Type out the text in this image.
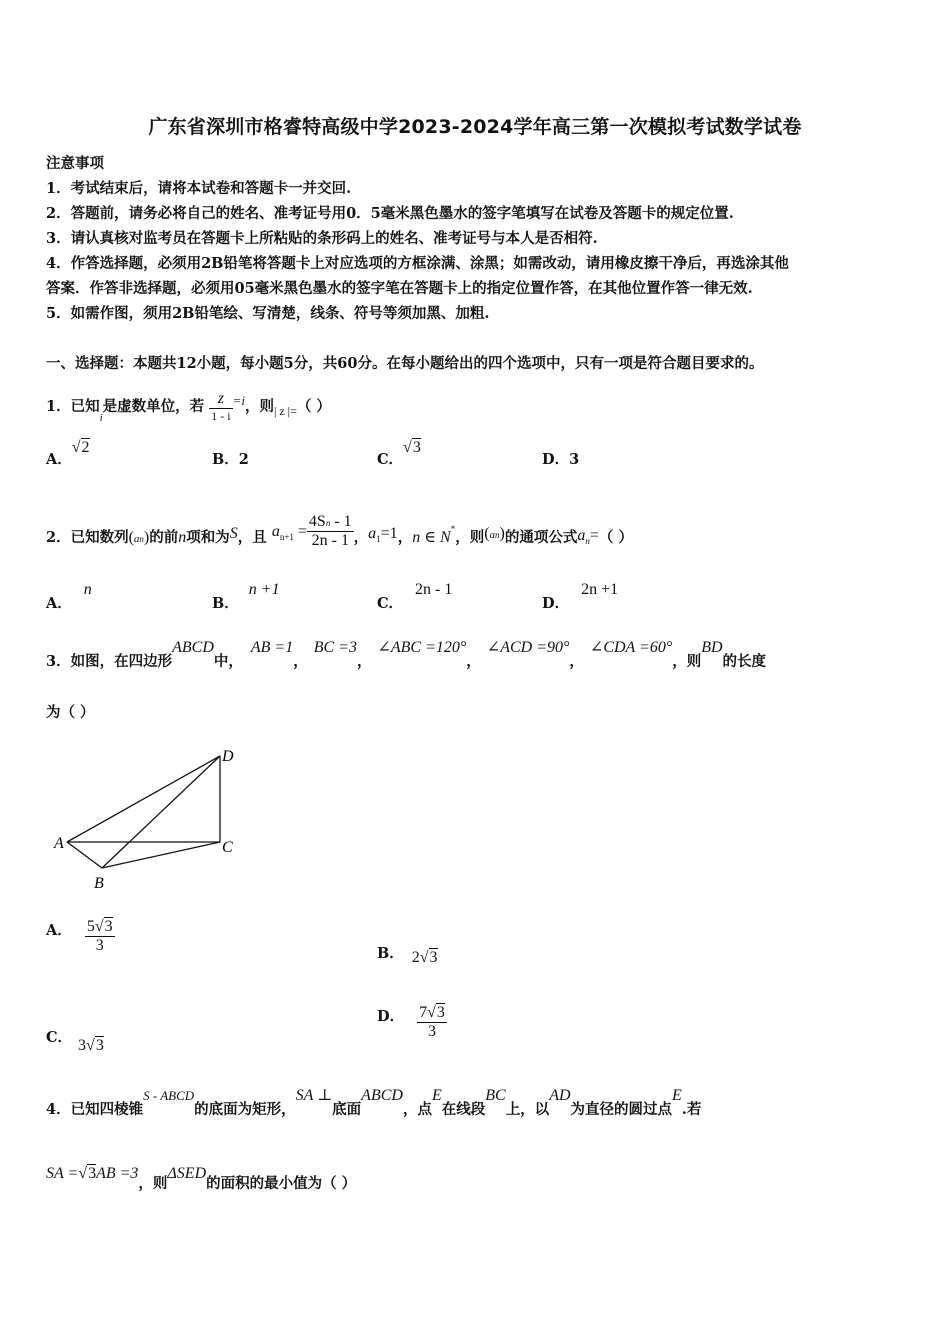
广东省深圳市格睿特高级中学2023-2024学年高三第一次模拟考试数学试卷
注意事项
1．考试结束后，请将本试卷和答题卡一并交回.
2．答题前，请务必将自己的姓名、准考证号用0．5毫米黑色墨水的签字笔填写在试卷及答题卡的规定位置.
3．请认真核对监考员在答题卡上所粘贴的条形码上的姓名、准考证号与本人是否相符.
4．作答选择题，必须用2B铅笔将答题卡上对应选项的方框涂满、涂黑；如需改动，请用橡皮擦干净后，再选涂其他
答案．作答非选择题，必须用05毫米黑色墨水的签字笔在答题卡上的指定位置作答，在其他位置作答一律无效.
5．如需作图，须用2B铅笔绘、写清楚，线条、符号等须加黑、加粗.
一、选择题：本题共12小题，每小题5分，共60分。在每小题给出的四个选项中，只有一项是符合题目要求的。
1．已知$_i$是虚数单位，若 $\frac{z}{1 - i} =i$，则$_{| z |=}$（ ）
A．√2
B．2	C．√3
D．3
2．已知数列(an)的前n项和为S，且 $a_{n+1} = \frac{4Sn - 1}{2n - 1}$ ，$a_1=1$，n ∈ $N_*$，则(an)的通项公式$a_n=$（ ）
A．n
B．n +1
C．2n - 1
D．2n +1
3．如图，在四边形ABCD中，AB =1，BC =3，∠ABC =120°，∠ACD =90°，∠CDA =60°，则BD的长度
为（ ）
A
B
C
D
A． $\frac{5√3}{3}$	B． 2√3
C． 3√3
D． $\frac{7√3}{3}$
4．已知四棱锥S - ABCD的底面为矩形，SA ⊥底面ABCD，点E在线段BC上，以AD为直径的圆过点E.若
SA =√3AB =3，则ΔSED的面积的最小值为（ ）
